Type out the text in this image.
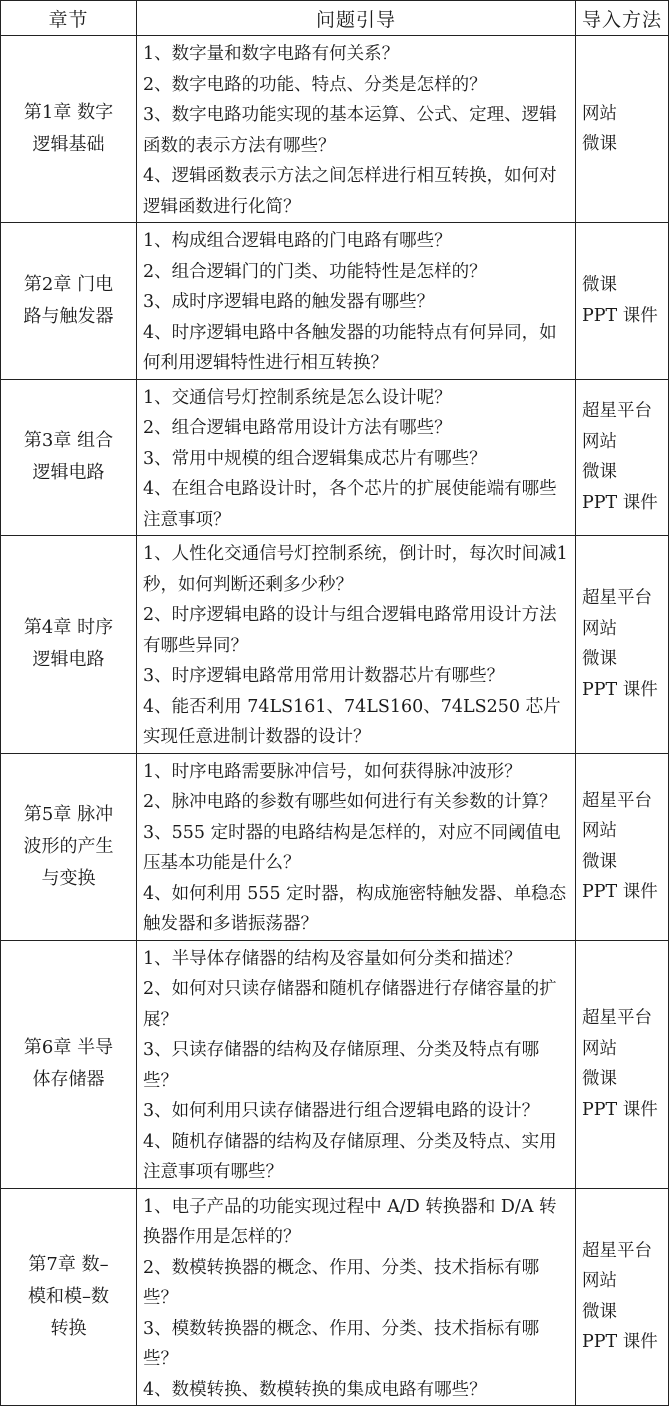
章节	问题引导	导入方法

第1章 数字
逻辑基础	1、数字量和数字电路有何关系？
2、数字电路的功能、特点、分类是怎样的？
3、数字电路功能实现的基本运算、公式、定理、逻辑函数的表示方法有哪些？
4、逻辑函数表示方法之间怎样进行相互转换，如何对逻辑函数进行化简？	网站
微课

第2章 门电
路与触发器	1、构成组合逻辑电路的门电路有哪些？
2、组合逻辑门的门类、功能特性是怎样的？
3、成时序逻辑电路的触发器有哪些？
4、时序逻辑电路中各触发器的功能特点有何异同，如何利用逻辑特性进行相互转换？	微课
PPT 课件

第3章 组合
逻辑电路	1、交通信号灯控制系统是怎么设计呢？
2、组合逻辑电路常用设计方法有哪些？
3、常用中规模的组合逻辑集成芯片有哪些？
4、在组合电路设计时，各个芯片的扩展使能端有哪些注意事项？	超星平台
网站
微课
PPT 课件

第4章 时序
逻辑电路	1、人性化交通信号灯控制系统，倒计时，每次时间减1秒，如何判断还剩多少秒？
2、时序逻辑电路的设计与组合逻辑电路常用设计方法有哪些异同？
3、时序逻辑电路常用常用计数器芯片有哪些？
4、能否利用 74LS161、74LS160、74LS250 芯片实现任意进制计数器的设计？	超星平台
网站
微课
PPT 课件

第5章 脉冲
波形的产生
与变换	1、时序电路需要脉冲信号，如何获得脉冲波形？
2、脉冲电路的参数有哪些如何进行有关参数的计算？
3、555 定时器的电路结构是怎样的，对应不同阈值电压基本功能是什么？
4、如何利用 555 定时器，构成施密特触发器、单稳态触发器和多谐振荡器？	超星平台
网站
微课
PPT 课件

第6章 半导
体存储器	1、半导体存储器的结构及容量如何分类和描述？
2、如何对只读存储器和随机存储器进行存储容量的扩展？
3、只读存储器的结构及存储原理、分类及特点有哪些？
3、如何利用只读存储器进行组合逻辑电路的设计？
4、随机存储器的结构及存储原理、分类及特点、实用注意事项有哪些？	超星平台
网站
微课
PPT 课件

第7章 数–
模和模–数
转换	1、电子产品的功能实现过程中 A/D 转换器和 D/A 转换器作用是怎样的？
2、数模转换器的概念、作用、分类、技术指标有哪些？
3、模数转换器的概念、作用、分类、技术指标有哪些？
4、数模转换、数模转换的集成电路有哪些？	超星平台
网站
微课
PPT 课件
